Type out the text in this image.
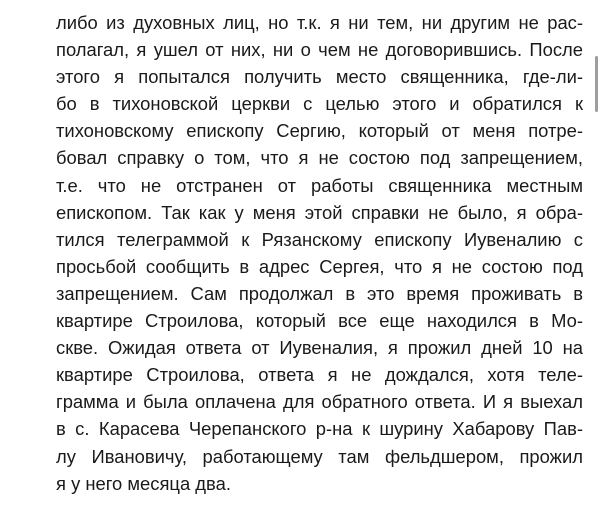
либо из духовных лиц, но т.к. я ни тем, ни другим не рас-
полагал, я ушел от них, ни о чем не договорившись. После
этого я попытался получить место священника, где-ли-
бо в тихоновской церкви с целью этого и обратился к
тихоновскому епископу Сергию, который от меня потре-
бовал справку о том, что я не состою под запрещением,
т.е. что не отстранен от работы священника местным
епископом. Так как у меня этой справки не было, я обра-
тился телеграммой к Рязанскому епископу Иувеналию с
просьбой сообщить в адрес Сергея, что я не состою под
запрещением. Сам продолжал в это время проживать в
квартире Строилова, который все еще находился в Мо-
скве. Ожидая ответа от Иувеналия, я прожил дней 10 на
квартире Строилова, ответа я не дождался, хотя теле-
грамма и была оплачена для обратного ответа. И я выехал
в с. Карасева Черепанского р-на к шурину Хабарову Пав-
лу Ивановичу, работающему там фельдшером, прожил
я у него месяца два.
